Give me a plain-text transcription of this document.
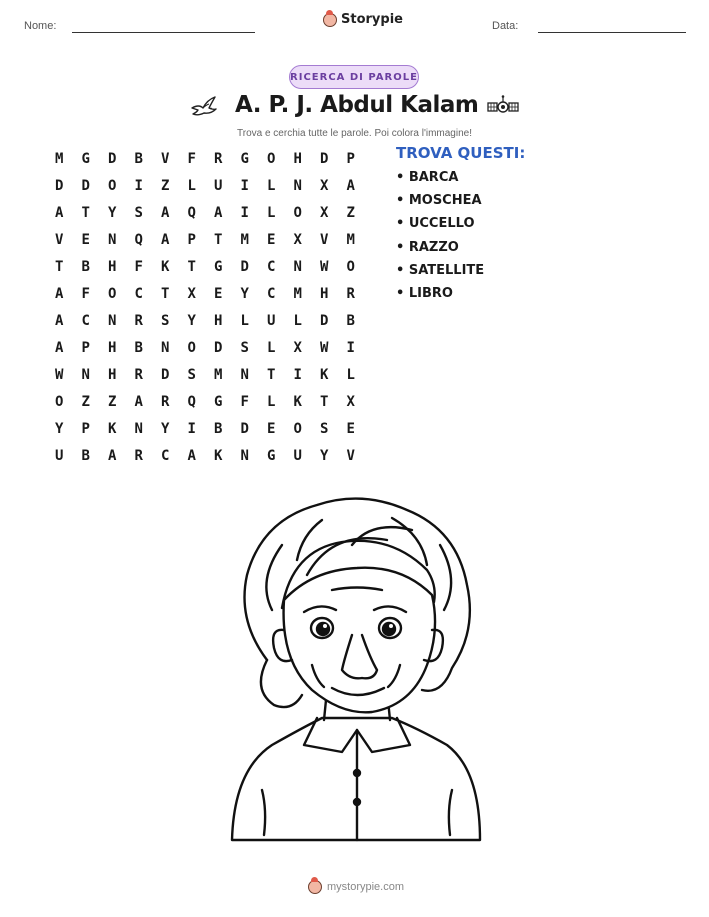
Nome:	Storypie	Data:
RICERCA DI PAROLE
A. P. J. Abdul Kalam
Trova e cerchia tutte le parole. Poi colora l'immagine!
M	G	D	B	V	F	R	G	O	H	D	P
D	D	O	I	Z	L	U	I	L	N	X	A
A	T	Y	S	A	Q	A	I	L	O	X	Z
V	E	N	Q	A	P	T	M	E	X	V	M
T	B	H	F	K	T	G	D	C	N	W	O
A	F	O	C	T	X	E	Y	C	M	H	R
A	C	N	R	S	Y	H	L	U	L	D	B
A	P	H	B	N	O	D	S	L	X	W	I
W	N	H	R	D	S	M	N	T	I	K	L
O	Z	Z	A	R	Q	G	F	L	K	T	X
Y	P	K	N	Y	I	B	D	E	O	S	E
U	B	A	R	C	A	K	N	G	U	Y	V
TROVA QUESTI:
• BARCA
• MOSCHEA
• UCCELLO
• RAZZO
• SATELLITE
• LIBRO
mystorypie.com
